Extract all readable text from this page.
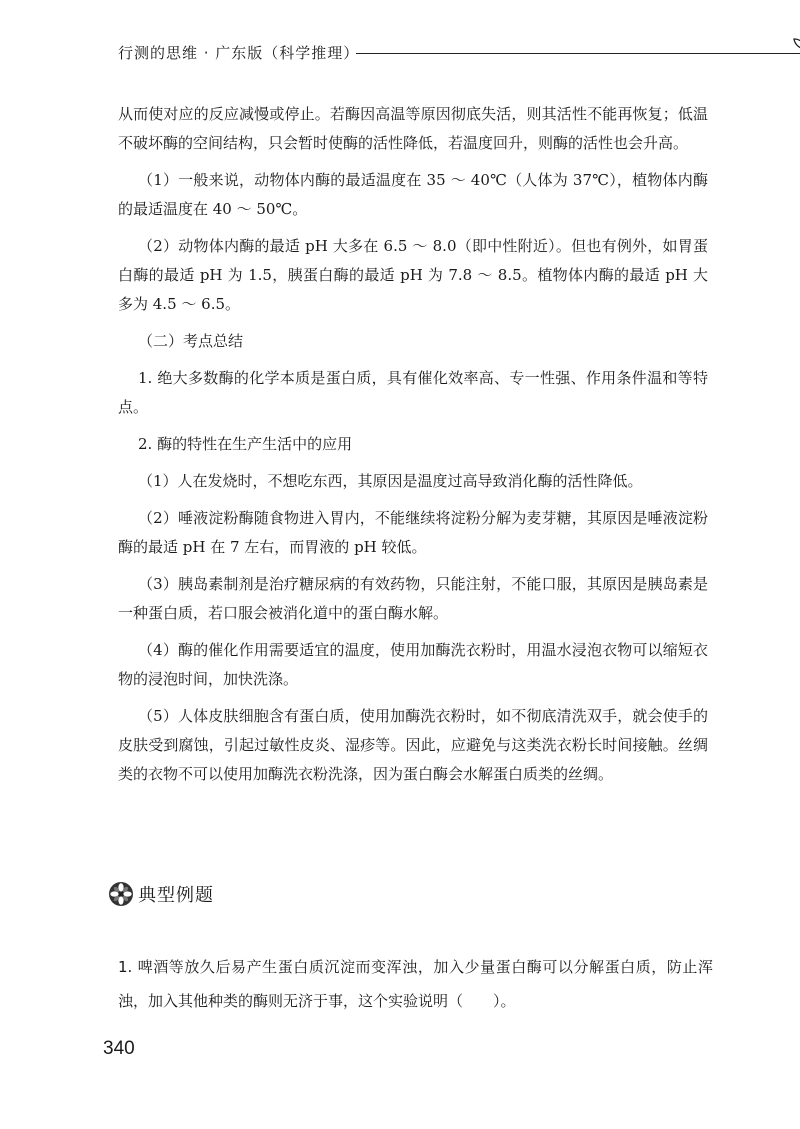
行测的思维 · 广东版（科学推理）

从而使对应的反应减慢或停止。若酶因高温等原因彻底失活，则其活性不能再恢复；低温不破坏酶的空间结构，只会暂时使酶的活性降低，若温度回升，则酶的活性也会升高。

（1）一般来说，动物体内酶的最适温度在 35 ～ 40℃（人体为 37℃），植物体内酶的最适温度在 40 ～ 50℃。

（2）动物体内酶的最适 pH 大多在 6.5 ～ 8.0（即中性附近）。但也有例外，如胃蛋白酶的最适 pH 为 1.5，胰蛋白酶的最适 pH 为 7.8 ～ 8.5。植物体内酶的最适 pH 大多为 4.5 ～ 6.5。

（二）考点总结

1. 绝大多数酶的化学本质是蛋白质，具有催化效率高、专一性强、作用条件温和等特点。

2. 酶的特性在生产生活中的应用

（1）人在发烧时，不想吃东西，其原因是温度过高导致消化酶的活性降低。

（2）唾液淀粉酶随食物进入胃内，不能继续将淀粉分解为麦芽糖，其原因是唾液淀粉酶的最适 pH 在 7 左右，而胃液的 pH 较低。

（3）胰岛素制剂是治疗糖尿病的有效药物，只能注射，不能口服，其原因是胰岛素是一种蛋白质，若口服会被消化道中的蛋白酶水解。

（4）酶的催化作用需要适宜的温度，使用加酶洗衣粉时，用温水浸泡衣物可以缩短衣物的浸泡时间，加快洗涤。

（5）人体皮肤细胞含有蛋白质，使用加酶洗衣粉时，如不彻底清洗双手，就会使手的皮肤受到腐蚀，引起过敏性皮炎、湿疹等。因此，应避免与这类洗衣粉长时间接触。丝绸类的衣物不可以使用加酶洗衣粉洗涤，因为蛋白酶会水解蛋白质类的丝绸。

典型例题

1. 啤酒等放久后易产生蛋白质沉淀而变浑浊，加入少量蛋白酶可以分解蛋白质，防止浑浊，加入其他种类的酶则无济于事，这个实验说明（　　）。

340
